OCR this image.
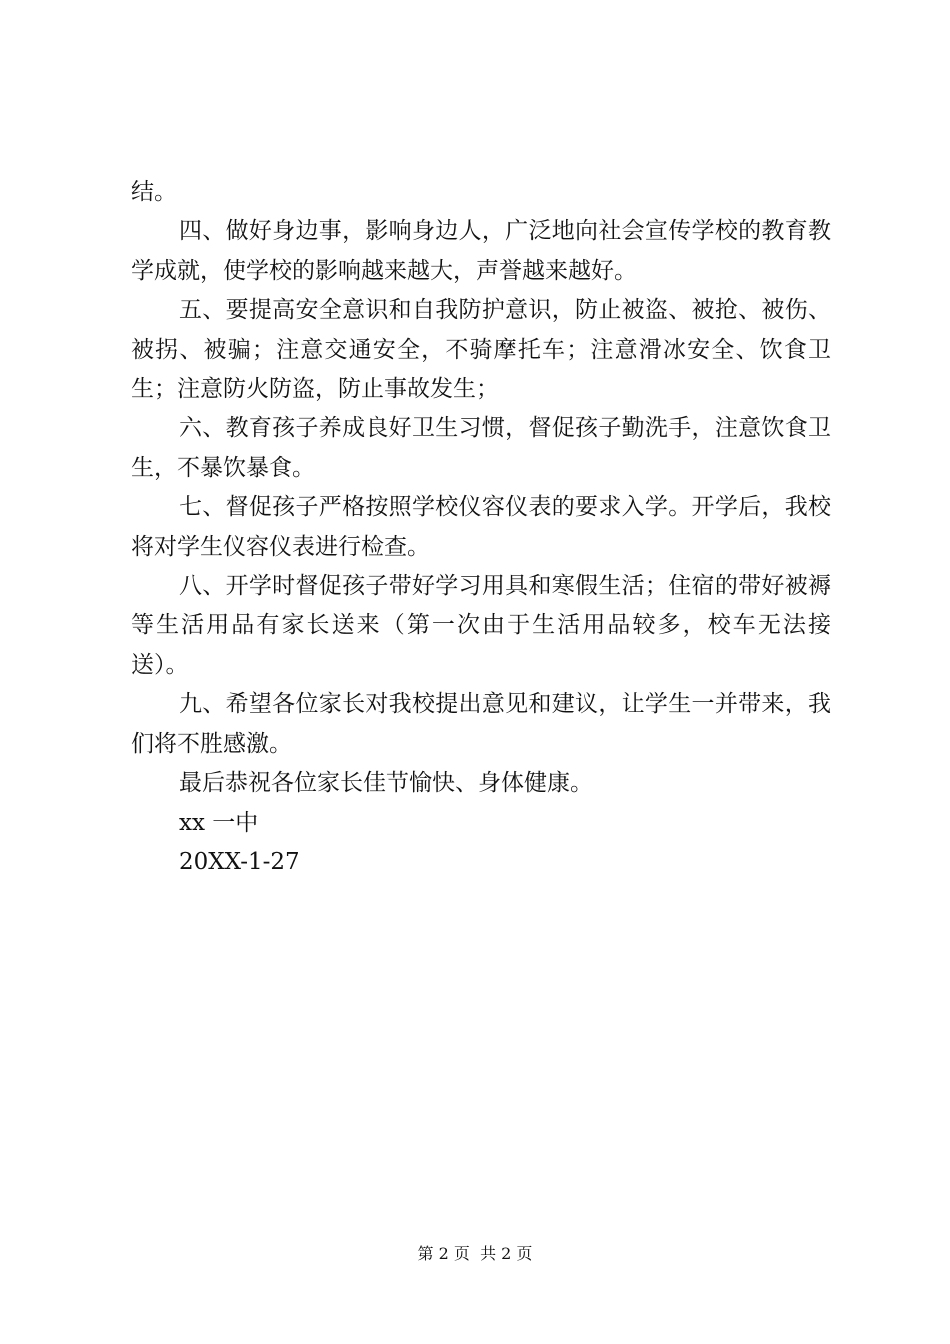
结。

四、做好身边事，影响身边人，广泛地向社会宣传学校的教育教学成就，使学校的影响越来越大，声誉越来越好。

五、要提高安全意识和自我防护意识，防止被盗、被抢、被伤、被拐、被骗；注意交通安全，不骑摩托车；注意滑冰安全、饮食卫生；注意防火防盗，防止事故发生；

六、教育孩子养成良好卫生习惯，督促孩子勤洗手，注意饮食卫生，不暴饮暴食。

七、督促孩子严格按照学校仪容仪表的要求入学。开学后，我校将对学生仪容仪表进行检查。

八、开学时督促孩子带好学习用具和寒假生活；住宿的带好被褥等生活用品有家长送来（第一次由于生活用品较多，校车无法接送）。

九、希望各位家长对我校提出意见和建议，让学生一并带来，我们将不胜感激。

最后恭祝各位家长佳节愉快、身体健康。

xx 一中

20XX-1-27

第 2 页  共 2 页
